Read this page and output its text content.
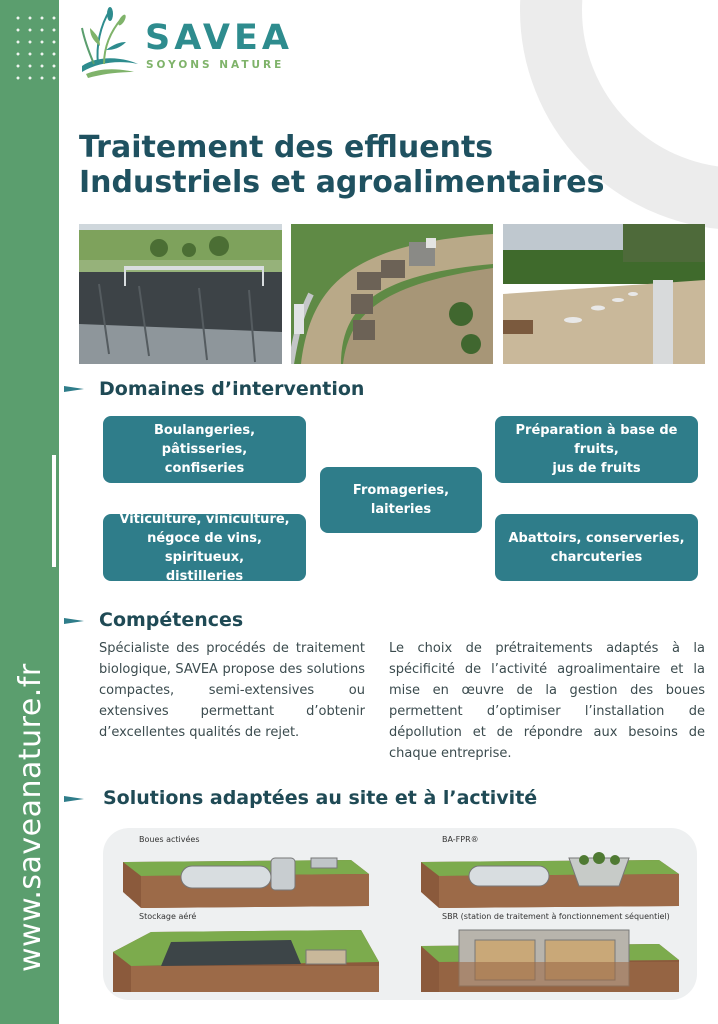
www.saveanature.fr
SAVEA
SOYONS NATURE
Traitement des effluents
Industriels et agroalimentaires
Domaines d’intervention
Boulangeries, pâtisseries,
confiseries
Viticulture, viniculture,
négoce de vins, spiritueux,
distilleries
Fromageries, laiteries
Préparation à base de fruits,
jus de fruits
Abattoirs, conserveries,
charcuteries
Compétences

Spécialiste des procédés de traitement biologique, SAVEA propose des solutions compactes, semi-extensives ou extensives permettant d’obtenir d’excellentes qualités de rejet.

Le choix de prétraitements adaptés à la spécificité de l’activité agroalimentaire et la mise en œuvre de la gestion des boues permettent d’optimiser l’installation de dépollution et de répondre aux besoins de chaque entreprise.

Solutions adaptées au site et à l’activité
Boues activées	BA-FPR®
Stockage aéré	SBR (station de traitement à fonctionnement séquentiel)
